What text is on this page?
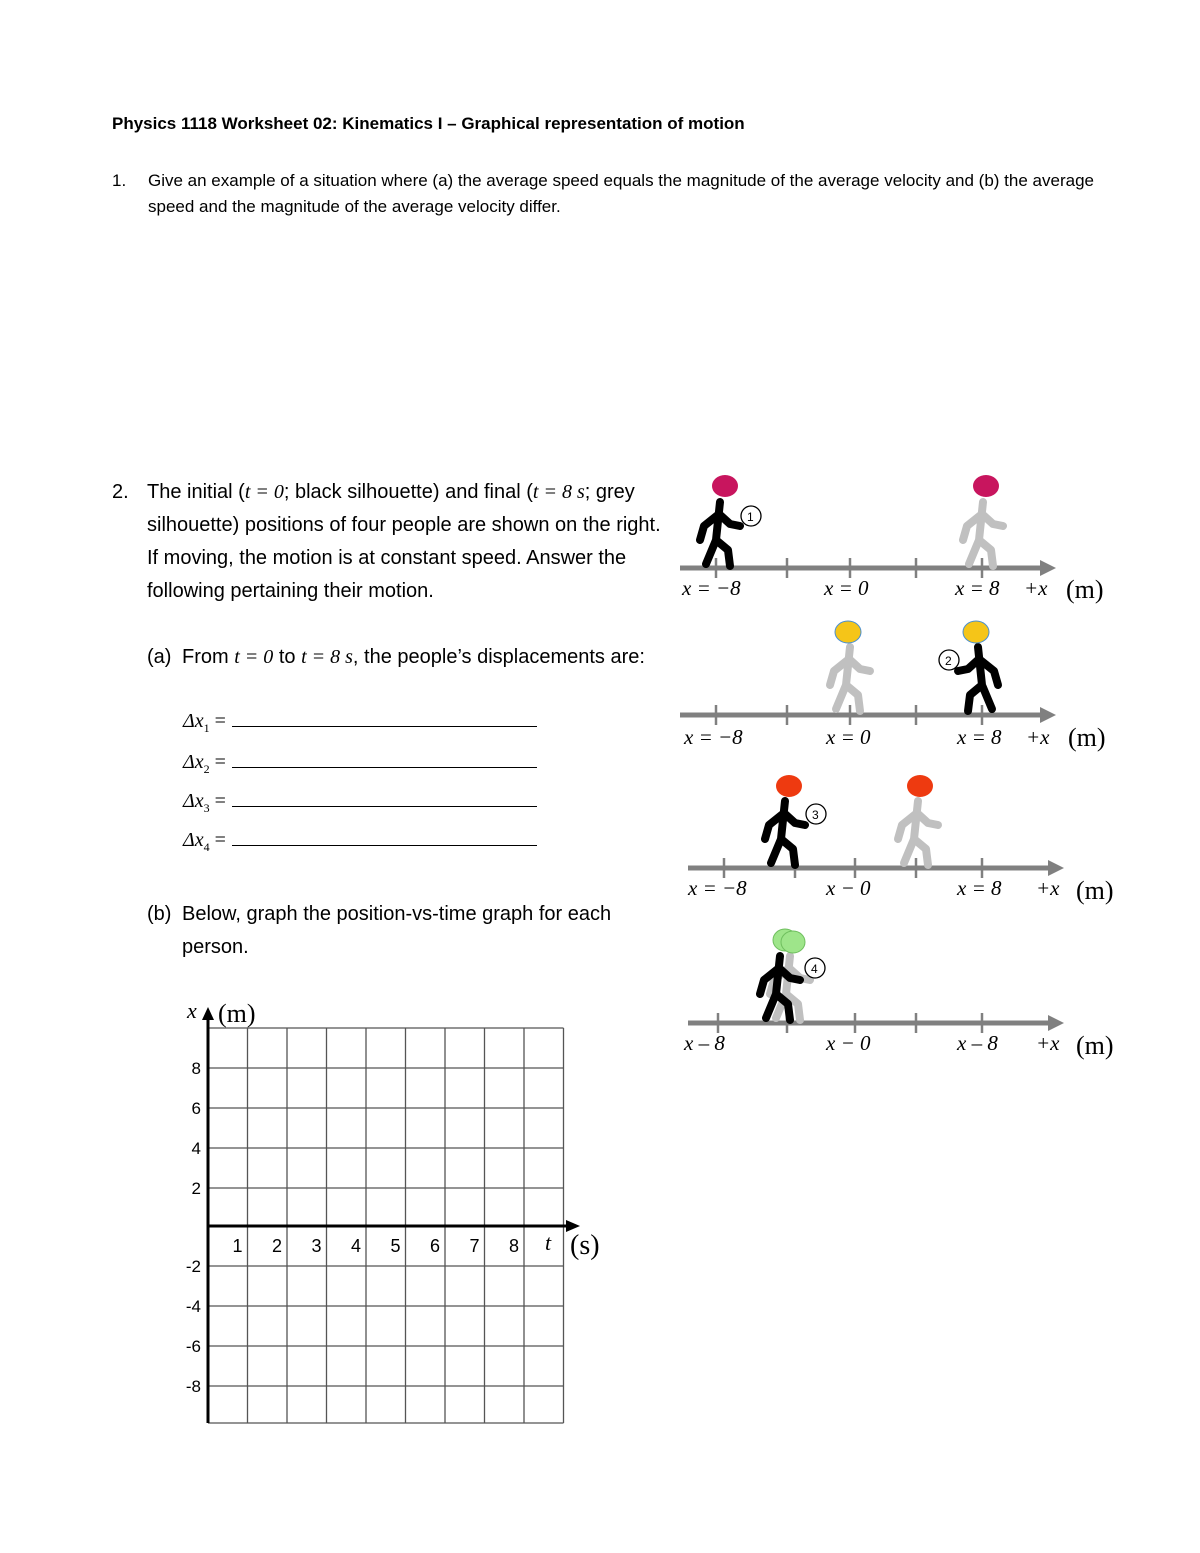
Physics 1118 Worksheet 02: Kinematics I – Graphical representation of motion
1. Give an example of a situation where (a) the average speed equals the magnitude of the average velocity and (b) the average speed and the magnitude of the average velocity differ.
2. The initial (t = 0; black silhouette) and final (t = 8 s; grey silhouette) positions of four people are shown on the right. If moving, the motion is at constant speed. Answer the following pertaining their motion.
(a) From t = 0 to t = 8 s, the people’s displacements are:
$\Delta x_1$ =
$\Delta x_2$ =
$\Delta x_3$ =
$\Delta x_4$ =
(b) Below, graph the position-vs-time graph for each person.
x = −8	x = 0	x = 8 +x (m)
1
x = −8	x = 0	x = 8 +x (m)
2
x = −8	x − 0	x = 8 +x (m)
3
x – 8	x − 0	x – 8 +x (m)
4
x (m)
t (s)
8
6
4
2
-2
-4
-6
-8
1 2 3 4 5 6 7 8
